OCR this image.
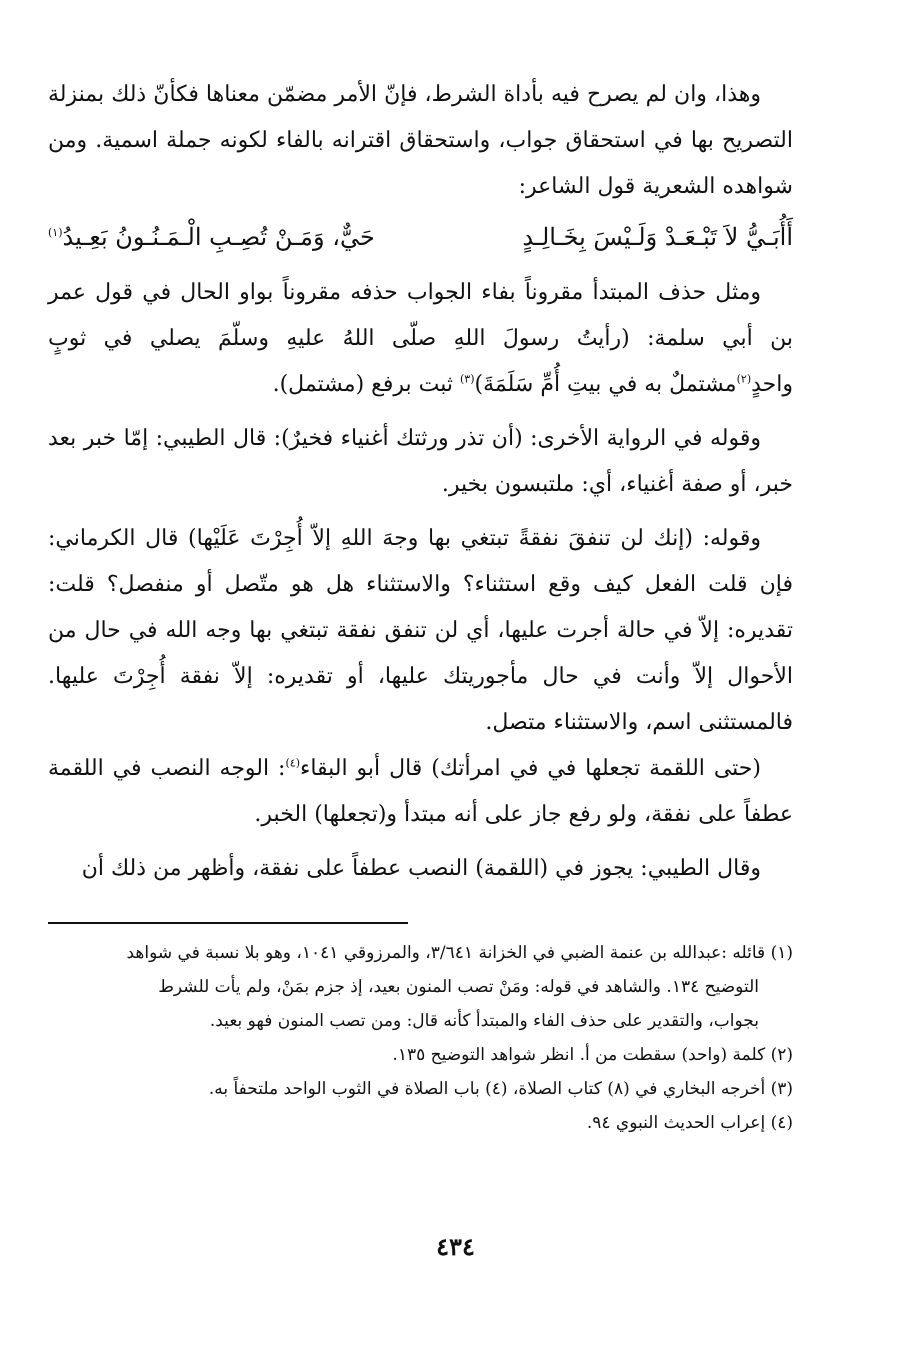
وهذا، وان لم يصرح فيه بأداة الشرط، فإنّ الأمر مضمّن معناها فكأنّ ذلك بمنزلة التصريح بها في استحقاق جواب، واستحقاق اقترانه بالفاء لكونه جملة اسمية. ومن شواهده الشعرية قول الشاعر:

أَأُبَـيُّ لاَ تَبْـعَـدْ وَلَـيْسَ بِخَـالِـدٍ
حَيٌّ، وَمَـنْ تُصِـبِ الْـمَـنُـونُ بَعِـيدُ$^{(١)}$

ومثل حذف المبتدأ مقروناً بفاء الجواب حذفه مقروناً بواو الحال في قول عمر بن أبي سلمة: (رأيتُ رسولَ اللهِ صلّى اللهُ عليهِ وسلّمَ يصلي في ثوبٍ واحدٍ$^{(٢)}$مشتملٌ به في بيتِ أُمِّ سَلَمَةَ)$^{(٣)}$ ثبت برفع (مشتمل).

وقوله في الرواية الأخرى: (أن تذر ورثتك أغنياء فخيرٌ): قال الطيبي: إمّا خبر بعد خبر، أو صفة أغنياء، أي: ملتبسون بخير.

وقوله: (إنك لن تنفقَ نفقةً تبتغي بها وجهَ اللهِ إلاّ أُجِرْتَ عَلَيْها) قال الكرماني: فإن قلت الفعل كيف وقع استثناء؟ والاستثناء هل هو متّصل أو منفصل؟ قلت: تقديره: إلاّ في حالة أجرت عليها، أي لن تنفق نفقة تبتغي بها وجه الله في حال من الأحوال إلاّ وأنت في حال مأجوريتك عليها، أو تقديره: إلاّ نفقة أُجِرْتَ عليها. فالمستثنى اسم، والاستثناء متصل.

(حتى اللقمة تجعلها في في امرأتك) قال أبو البقاء$^{(٤)}$: الوجه النصب في اللقمة عطفاً على نفقة، ولو رفع جاز على أنه مبتدأ و(تجعلها) الخبر.

وقال الطيبي: يجوز في (اللقمة) النصب عطفاً على نفقة، وأظهر من ذلك أن

(١) قائله :عبدالله بن عنمة الضبي في الخزانة ٣/٦٤١، والمرزوقي ١٠٤١، وهو بلا نسبة في شواهد

التوضيح ١٣٤. والشاهد في قوله: ومَنْ تصب المنون بعيد، إذ جزم بمَنْ، ولم يأت للشرط

بجواب، والتقدير على حذف الفاء والمبتدأ كأنه قال: ومن تصب المنون فهو بعيد.

(٢) كلمة (واحد) سقطت من أ. انظر شواهد التوضيح ١٣٥.

(٣) أخرجه البخاري في (٨) كتاب الصلاة، (٤) باب الصلاة في الثوب الواحد ملتحفاً به.

(٤) إعراب الحديث النبوي ٩٤.

٤٣٤
